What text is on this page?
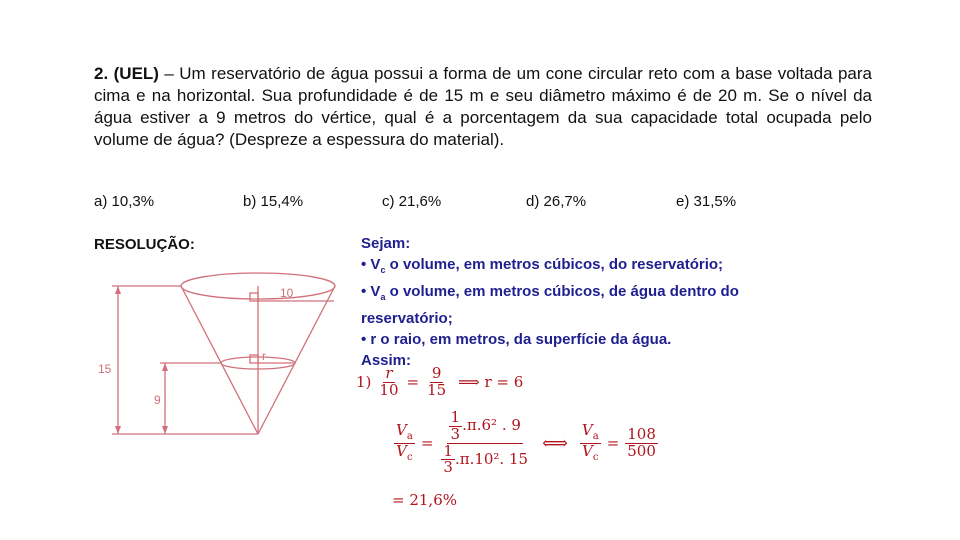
2. (UEL) – Um reservatório de água possui a forma de um cone circular reto com a base voltada para cima e na horizontal. Sua profundidade é de 15 m e seu diâmetro máximo é de 20 m. Se o nível da água estiver a 9 metros do vértice, qual é a porcentagem da sua capacidade total ocupada pelo volume de água? (Despreze a espessura do material).
a) 10,3%	b) 15,4%	c) 21,6%	d) 26,7%	e) 31,5%
RESOLUÇÃO:
10
r
15
9
Sejam:
• $V_c$ o volume, em metros cúbicos, do reservatório;
• $V_a$ o volume, em metros cúbicos, de água dentro do
reservatório;
• r o raio, em metros, da superfície da água.
Assim:
$1) \frac{r}{10} = \frac{9}{15}$ ⟹ r = 6
$\frac{V_a}{V_c} = \frac{\frac{1}{3} .\pi.6^2 . 9}{\frac{1}{3} .\pi.10^2. 15}$ ⟺ $\frac{V_a}{V_c} = \frac{108}{500}$
= 21,6%
